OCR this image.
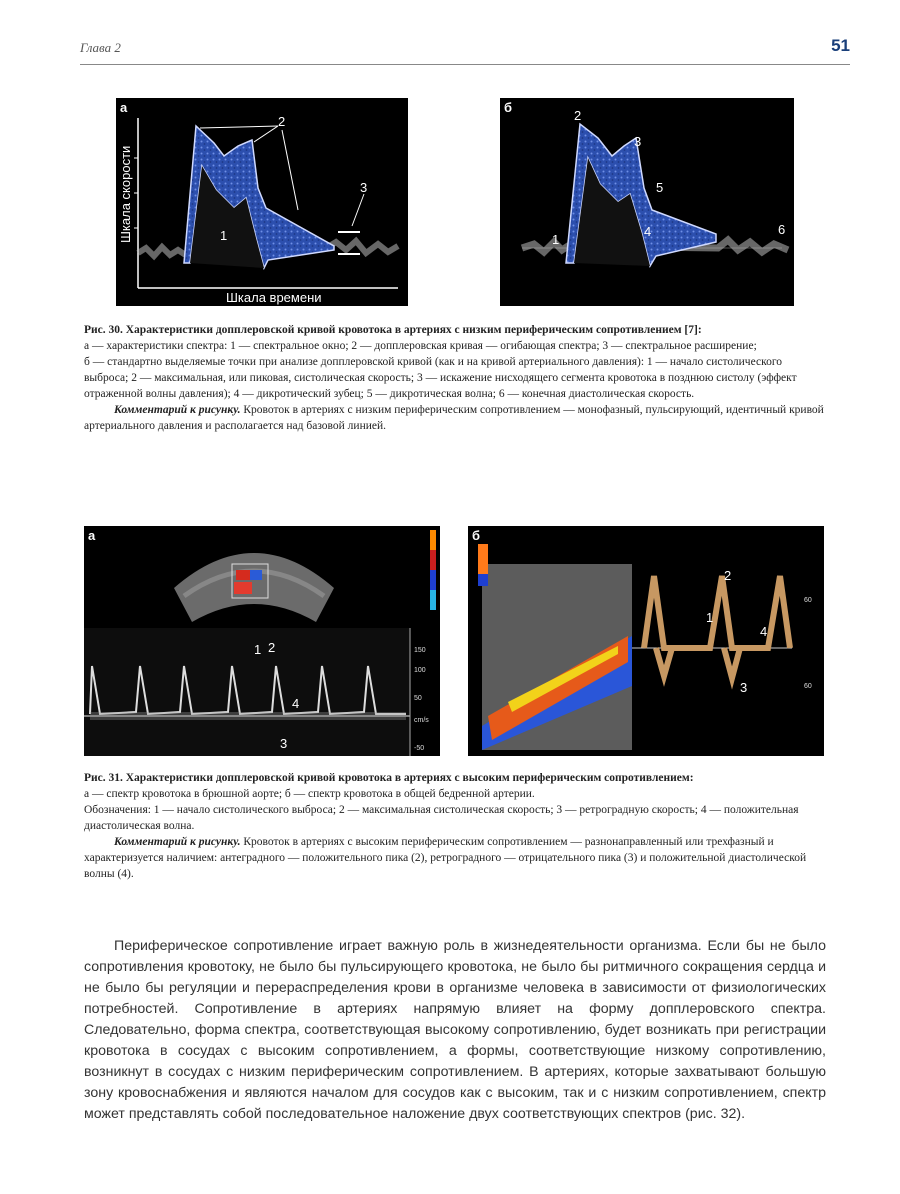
Глава 2	51
а
1
2
3
Шкала скорости
Шкала времени
б
1
2
3
4
5
6

Рис. 30. Характеристики допплеровской кривой кровотока в артериях с низким периферическим сопротивлением [7]:

а — характеристики спектра: 1 — спектральное окно; 2 — допплеровская кривая — огибающая спектра; 3 — спектральное расширение;

б — стандартно выделяемые точки при анализе допплеровской кривой (как и на кривой артериального давления): 1 — начало систолического выброса; 2 — максимальная, или пиковая, систолическая скорость; 3 — искажение нисходящего сегмента кровотока в позднюю систолу (эффект отраженной волны давления); 4 — дикротический зубец; 5 — дикротическая волна; 6 — конечная диастолическая скорость.

Комментарий к рисунку. Кровоток в артериях с низким периферическим сопротивлением — монофазный, пульсирующий, идентичный кривой артериального давления и располагается над базовой линией.

150
100
50
cm/s
-50
а
1 2
3
4
б
1
2
3
4
60
60

Рис. 31. Характеристики допплеровской кривой кровотока в артериях с высоким периферическим сопротивлением:

а — спектр кровотока в брюшной аорте; б — спектр кровотока в общей бедренной артерии.

Обозначения: 1 — начало систолического выброса; 2 — максимальная систолическая скорость; 3 — ретроградную скорость; 4 — положительная диастолическая волна.

Комментарий к рисунку. Кровоток в артериях с высоким периферическим сопротивлением — разнонаправленный или трехфазный и характеризуется наличием: антеградного — положительного пика (2), ретроградного — отрицательного пика (3) и положительной диастолической волны (4).

Периферическое сопротивление играет важную роль в жизнедеятельности организма. Если бы не было сопротивления кровотоку, не было бы пульсирующего кровотока, не было бы ритмичного сокращения сердца и не было бы регуляции и перераспределения крови в организме человека в зависимости от физиологических потребностей. Сопротивление в артериях напрямую влияет на форму допплеровского спектра. Следовательно, форма спектра, соответствующая высокому сопротивлению, будет возникать при регистрации кровотока в сосудах с высоким сопротивлением, а формы, соответствующие низкому сопротивлению, возникнут в сосудах с низким периферическим сопротивлением. В артериях, которые захватывают большую зону кровоснабжения и являются началом для сосудов как с высоким, так и с низким сопротивлением, спектр может представлять собой последовательное наложение двух соответствующих спектров (рис. 32).
